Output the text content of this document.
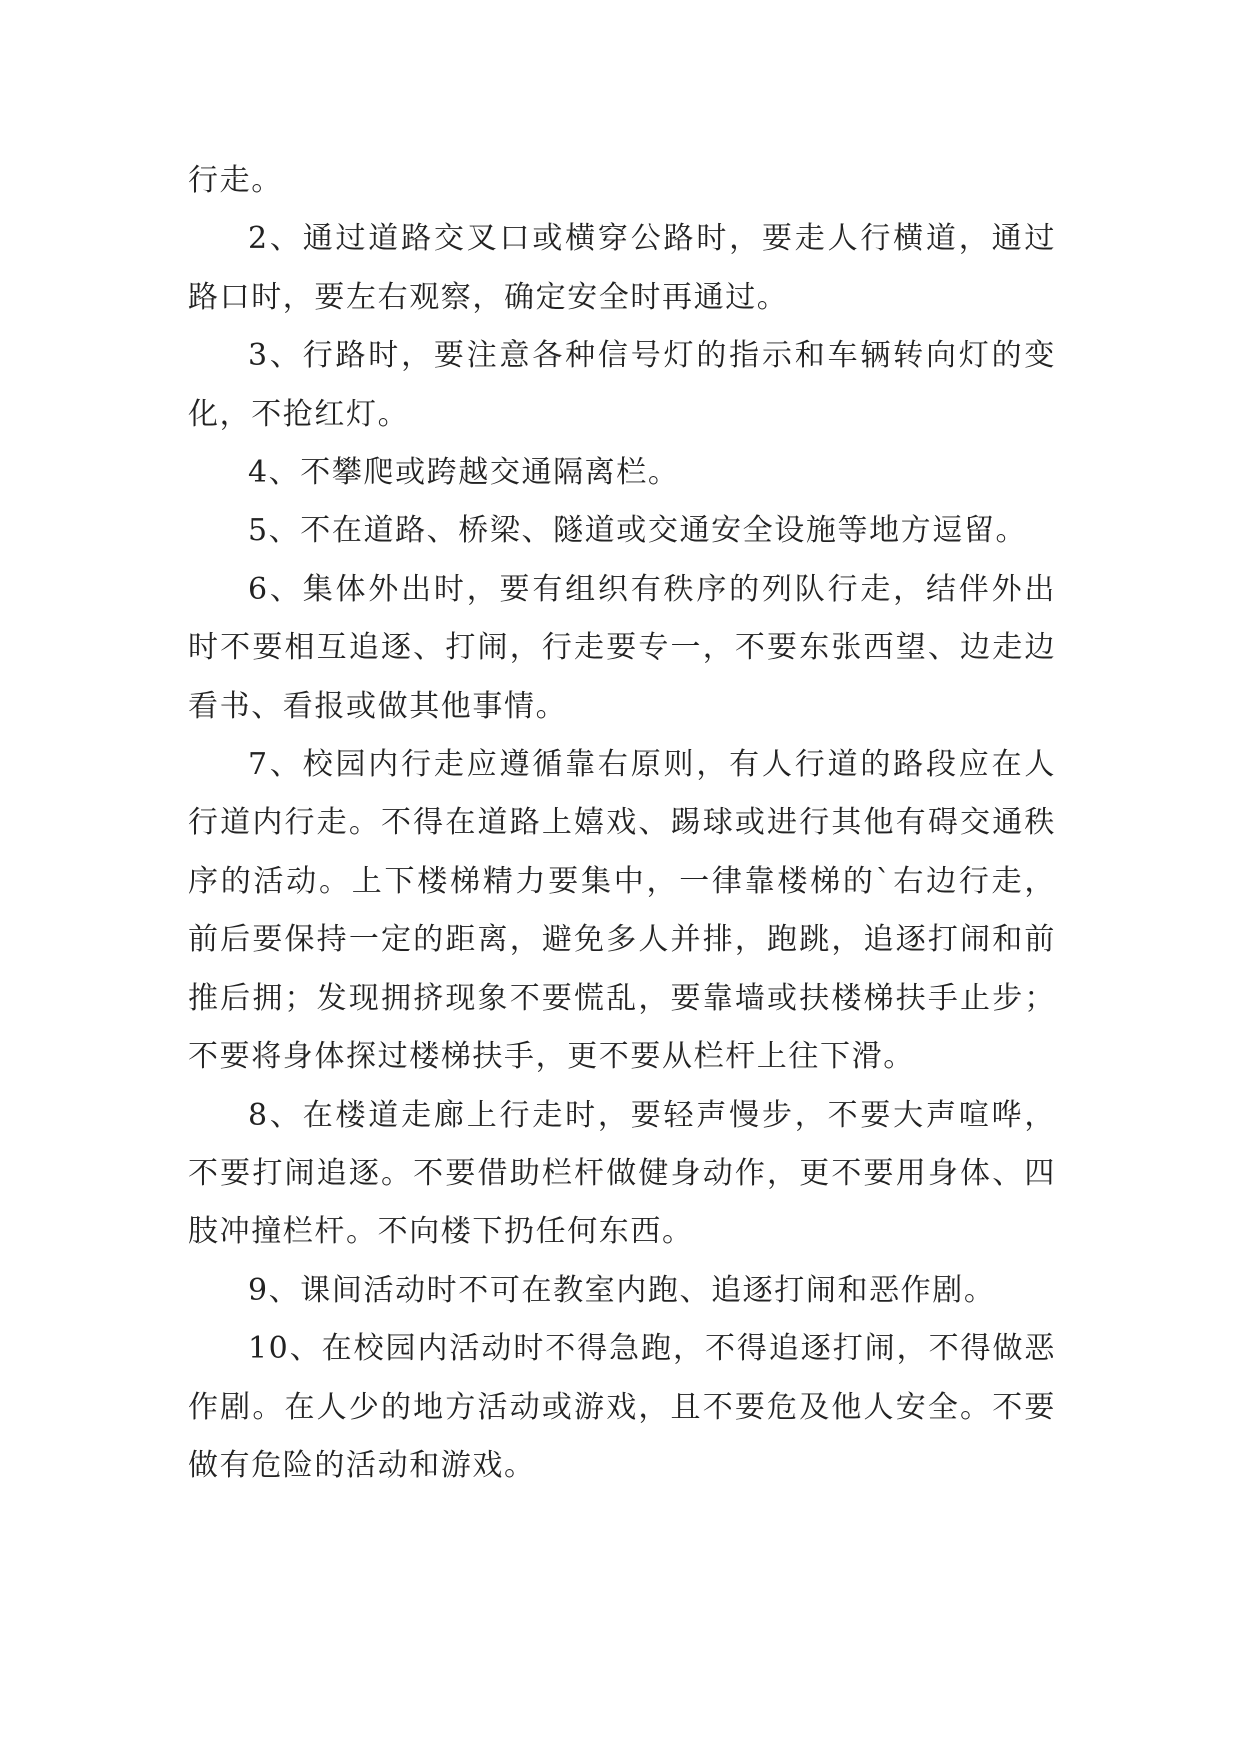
行走。

2、通过道路交叉口或横穿公路时，要走人行横道，通过路口时，要左右观察，确定安全时再通过。

3、行路时，要注意各种信号灯的指示和车辆转向灯的变化，不抢红灯。

4、不攀爬或跨越交通隔离栏。

5、不在道路、桥梁、隧道或交通安全设施等地方逗留。

6、集体外出时，要有组织有秩序的列队行走，结伴外出时不要相互追逐、打闹，行走要专一，不要东张西望、边走边看书、看报或做其他事情。

7、校园内行走应遵循靠右原则，有人行道的路段应在人行道内行走。不得在道路上嬉戏、踢球或进行其他有碍交通秩序的活动。上下楼梯精力要集中，一律靠楼梯的`右边行走，前后要保持一定的距离，避免多人并排，跑跳，追逐打闹和前推后拥；发现拥挤现象不要慌乱，要靠墙或扶楼梯扶手止步；不要将身体探过楼梯扶手，更不要从栏杆上往下滑。

8、在楼道走廊上行走时，要轻声慢步，不要大声喧哗，不要打闹追逐。不要借助栏杆做健身动作，更不要用身体、四肢冲撞栏杆。不向楼下扔任何东西。

9、课间活动时不可在教室内跑、追逐打闹和恶作剧。

10、在校园内活动时不得急跑，不得追逐打闹，不得做恶作剧。在人少的地方活动或游戏，且不要危及他人安全。不要做有危险的活动和游戏。
